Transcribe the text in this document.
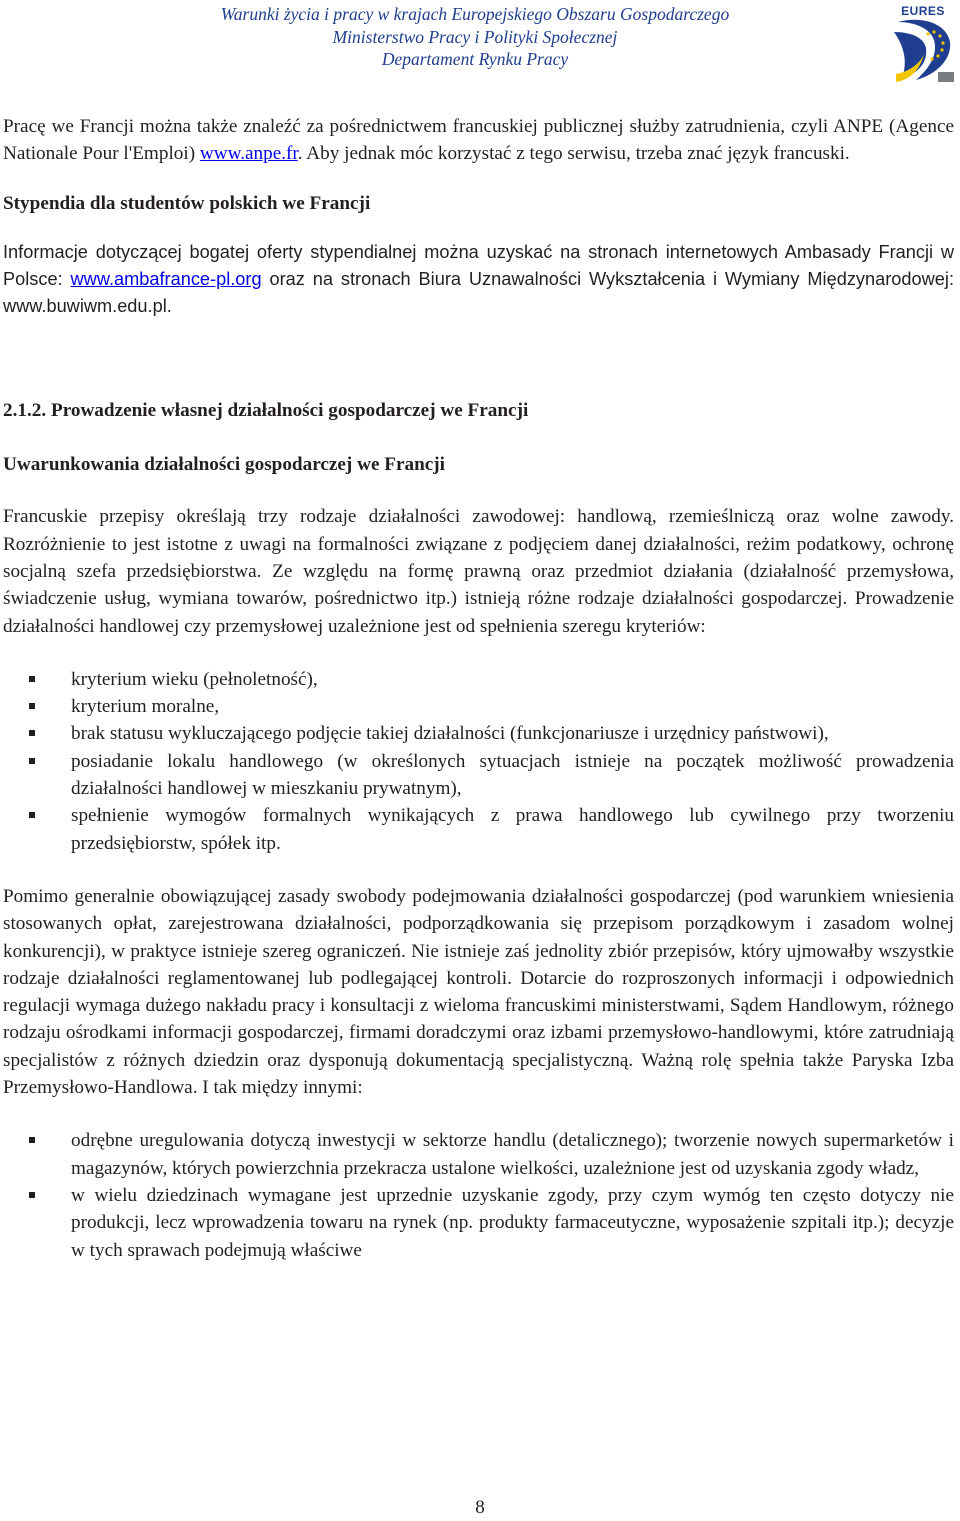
Warunki życia i pracy w krajach Europejskiego Obszaru Gospodarczego
Ministerstwo Pracy i Polityki Społecznej
Departament Rynku Pracy
EURES

Pracę we Francji można także znaleźć za pośrednictwem francuskiej publicznej służby zatrudnienia, czyli ANPE (Agence Nationale Pour l'Emploi) www.anpe.fr. Aby jednak móc korzystać z tego serwisu, trzeba znać język francuski.

Stypendia dla studentów polskich we Francji

Informacje dotyczącej bogatej oferty stypendialnej można uzyskać na stronach internetowych Ambasady Francji w Polsce: www.ambafrance-pl.org oraz na stronach Biura Uznawalności Wykształcenia i Wymiany Międzynarodowej: www.buwiwm.edu.pl.

2.1.2. Prowadzenie własnej działalności gospodarczej we Francji

Uwarunkowania działalności gospodarczej we Francji

Francuskie przepisy określają trzy rodzaje działalności zawodowej: handlową, rzemieślniczą oraz wolne zawody. Rozróżnienie to jest istotne z uwagi na formalności związane z podjęciem danej działalności, reżim podatkowy, ochronę socjalną szefa przedsiębiorstwa. Ze względu na formę prawną oraz przedmiot działania (działalność przemysłowa, świadczenie usług, wymiana towarów, pośrednictwo itp.) istnieją różne rodzaje działalności gospodarczej. Prowadzenie działalności handlowej czy przemysłowej uzależnione jest od spełnienia szeregu kryteriów:

kryterium wieku (pełnoletność),
kryterium moralne,
brak statusu wykluczającego podjęcie takiej działalności (funkcjonariusze i urzędnicy państwowi),
posiadanie lokalu handlowego (w określonych sytuacjach istnieje na początek możliwość prowadzenia działalności handlowej w mieszkaniu prywatnym),
spełnienie wymogów formalnych wynikających z prawa handlowego lub cywilnego przy tworzeniu przedsiębiorstw, spółek itp.

Pomimo generalnie obowiązującej zasady swobody podejmowania działalności gospodarczej (pod warunkiem wniesienia stosowanych opłat, zarejestrowana działalności, podporządkowania się przepisom porządkowym i zasadom wolnej konkurencji), w praktyce istnieje szereg ograniczeń. Nie istnieje zaś jednolity zbiór przepisów, który ujmowałby wszystkie rodzaje działalności reglamentowanej lub podlegającej kontroli. Dotarcie do rozproszonych informacji i odpowiednich regulacji wymaga dużego nakładu pracy i konsultacji z wieloma francuskimi ministerstwami, Sądem Handlowym, różnego rodzaju ośrodkami informacji gospodarczej, firmami doradczymi oraz izbami przemysłowo-handlowymi, które zatrudniają specjalistów z różnych dziedzin oraz dysponują dokumentacją specjalistyczną. Ważną rolę spełnia także Paryska Izba Przemysłowo-Handlowa. I tak między innymi:

odrębne uregulowania dotyczą inwestycji w sektorze handlu (detalicznego); tworzenie nowych supermarketów i magazynów, których powierzchnia przekracza ustalone wielkości, uzależnione jest od uzyskania zgody władz,
w wielu dziedzinach wymagane jest uprzednie uzyskanie zgody, przy czym wymóg ten często dotyczy nie produkcji, lecz wprowadzenia towaru na rynek (np. produkty farmaceutyczne, wyposażenie szpitali itp.); decyzje w tych sprawach podejmują właściwe
8
